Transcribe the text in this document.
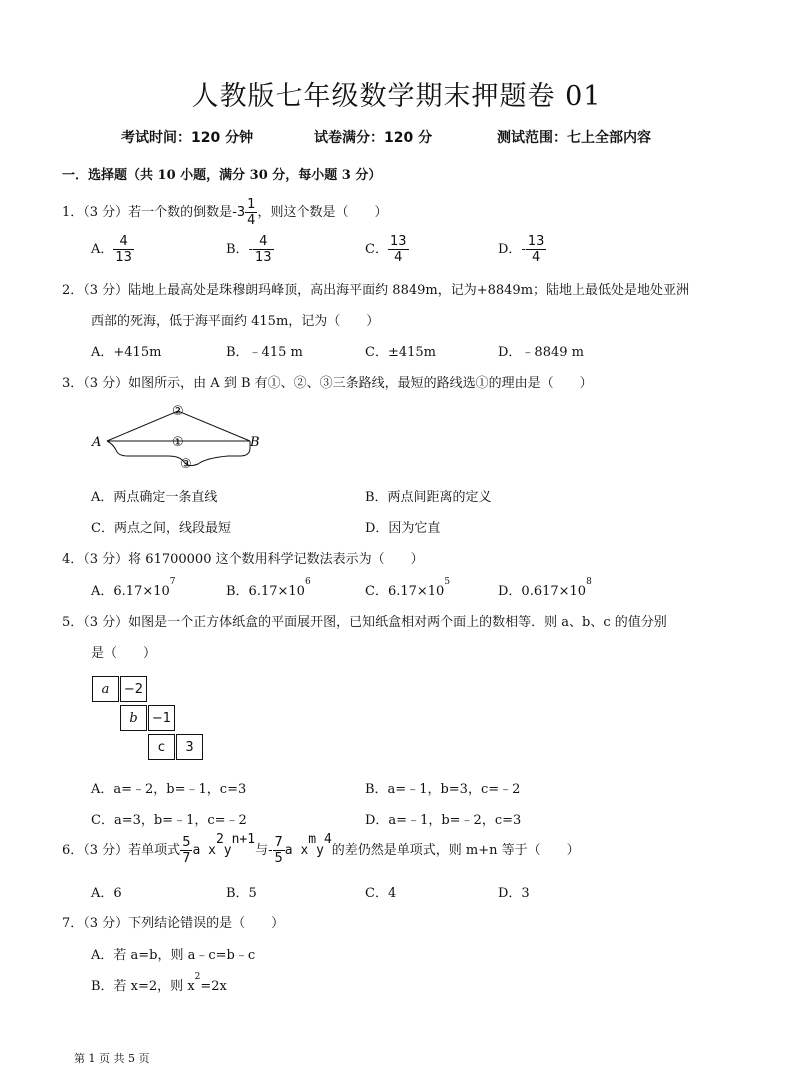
人教版七年级数学期末押题卷 01
考试时间：120 分钟	试卷满分：120 分	测试范围：七上全部内容
一．选择题（共 10 小题，满分 30 分，每小题 3 分）
1．（3 分）若一个数的倒数是$-3 \frac{1}{4}$ ，则这个数是（　　）
A． $\frac{4}{13}$	B．- $\frac{4}{13}$	C． $\frac{13}{4}$	D．- $\frac{13}{4}$
2．（3 分）陆地上最高处是珠穆朗玛峰顶，高出海平面约 8849m，记为+8849m；陆地上最低处是地处亚洲
西部的死海，低于海平面约 415m，记为（　　）
A．+415m	B．﹣415 m	C．±415m	D．﹣8849 m
3．（3 分）如图所示，由 A 到 B 有①、②、③三条路线，最短的路线选①的理由是（　　）
A	B
②
①
③
A．两点确定一条直线	B．两点间距离的定义
C．两点之间，线段最短	D．因为它直
4．（3 分）将 61700000 这个数用科学记数法表示为（　　）
A．$6.17\times 10^7$
B．$6.17\times 10^6$
C．$6.17\times 10^5$
D．$0.617\times 10^8$
5．（3 分）如图是一个正方体纸盒的平面展开图，已知纸盒相对两个面上的数相等．则 a、b、c 的值分别
是（　　）
a	−2
b	−1
c	3
A．a=﹣2，b=﹣1，c=3	B．a=﹣1，b=3，c=﹣2
C．a=3，b=﹣1，c=﹣2	D．a=﹣1，b=﹣2，c=3
6．（3 分）若单项式 $\frac{5}{7}$ a $x^2y^{n+1}$与- $\frac{7}{5}$ a $x^my^4$的差仍然是单项式，则 m+n 等于（　　）
A．6	B．5	C．4	D．3
7．（3 分）下列结论错误的是（　　）
A．若 a=b，则 a﹣c=b﹣c
B．若 x=2，则 $x^2=2x$
第 1 页 共 5 页
